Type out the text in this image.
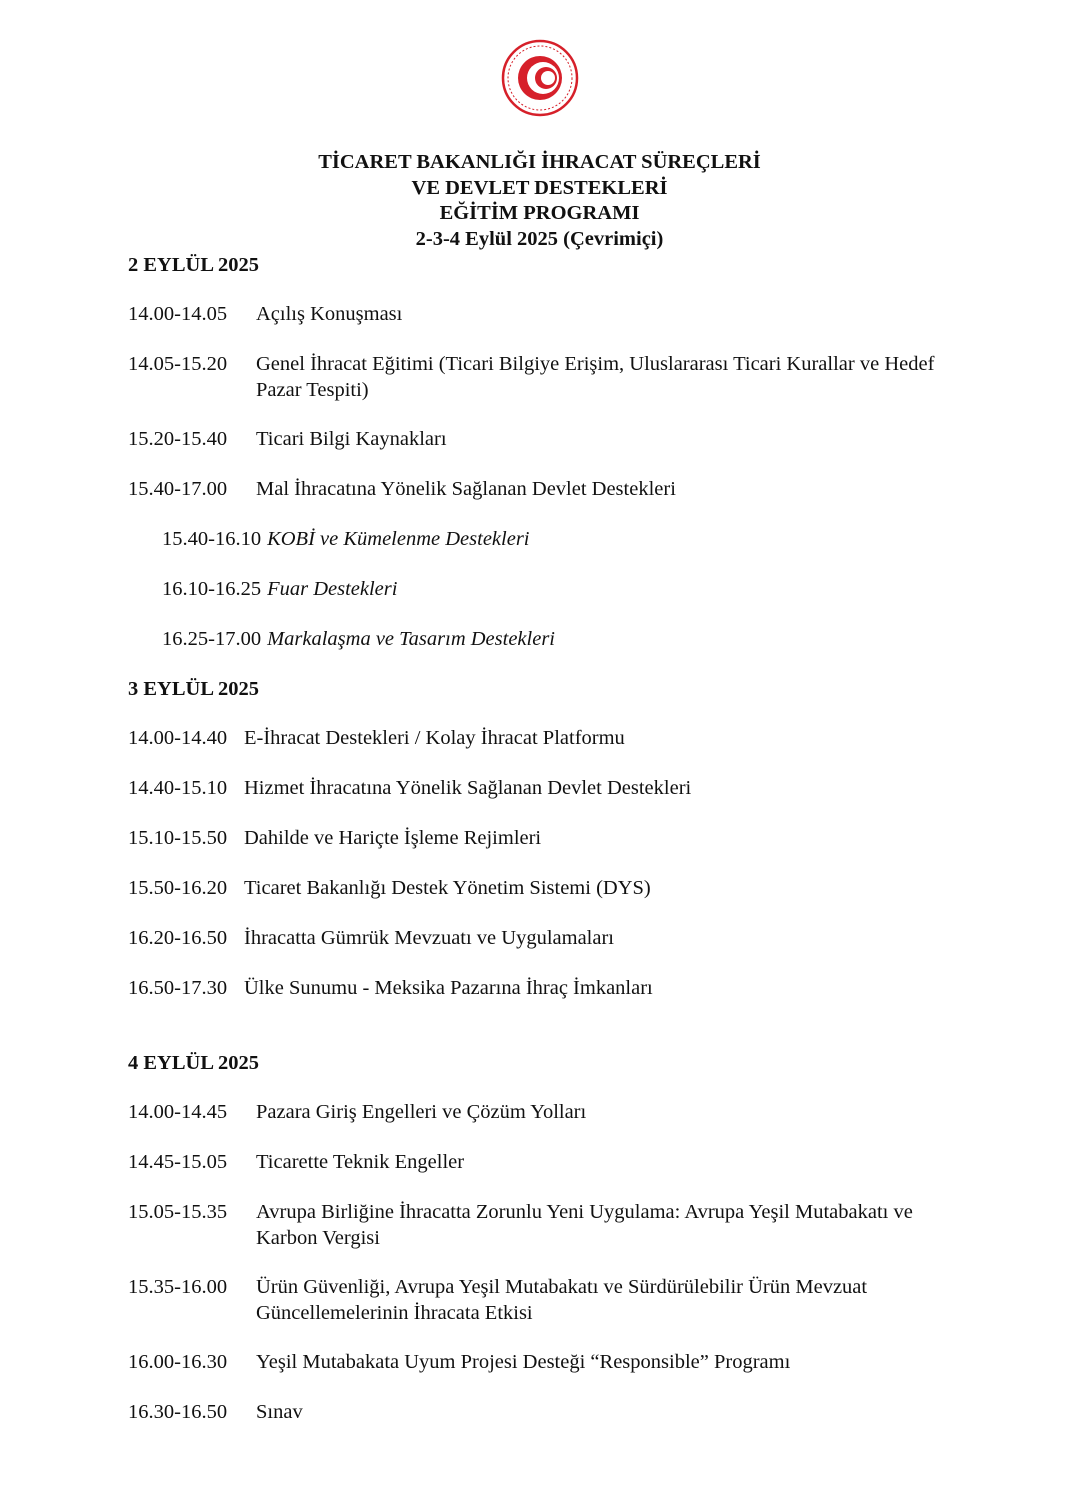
TİCARET BAKANLIĞI İHRACAT SÜREÇLERİ
VE DEVLET DESTEKLERİ
EĞİTİM PROGRAMI
2-3-4 Eylül 2025 (Çevrimiçi)
2 EYLÜL 2025
14.00-14.05	Açılış Konuşması
14.05-15.20	Genel İhracat Eğitimi (Ticari Bilgiye Erişim, Uluslararası Ticari Kurallar ve Hedef Pazar Tespiti)
15.20-15.40	Ticari Bilgi Kaynakları
15.40-17.00	Mal İhracatına Yönelik Sağlanan Devlet Destekleri
15.40-16.10 KOBİ ve Kümelenme Destekleri
16.10-16.25 Fuar Destekleri
16.25-17.00 Markalaşma ve Tasarım Destekleri
3 EYLÜL 2025
14.00-14.40 E-İhracat Destekleri / Kolay İhracat Platformu
14.40-15.10 Hizmet İhracatına Yönelik Sağlanan Devlet Destekleri
15.10-15.50 Dahilde ve Hariçte İşleme Rejimleri
15.50-16.20 Ticaret Bakanlığı Destek Yönetim Sistemi (DYS)
16.20-16.50 İhracatta Gümrük Mevzuatı ve Uygulamaları
16.50-17.30 Ülke Sunumu - Meksika Pazarına İhraç İmkanları
4 EYLÜL 2025
14.00-14.45	Pazara Giriş Engelleri ve Çözüm Yolları
14.45-15.05	Ticarette Teknik Engeller
15.05-15.35	Avrupa Birliğine İhracatta Zorunlu Yeni Uygulama: Avrupa Yeşil Mutabakatı ve Karbon Vergisi
15.35-16.00	Ürün Güvenliği, Avrupa Yeşil Mutabakatı ve Sürdürülebilir Ürün Mevzuat Güncellemelerinin İhracata Etkisi
16.00-16.30	Yeşil Mutabakata Uyum Projesi Desteği “Responsible” Programı
16.30-16.50	Sınav
